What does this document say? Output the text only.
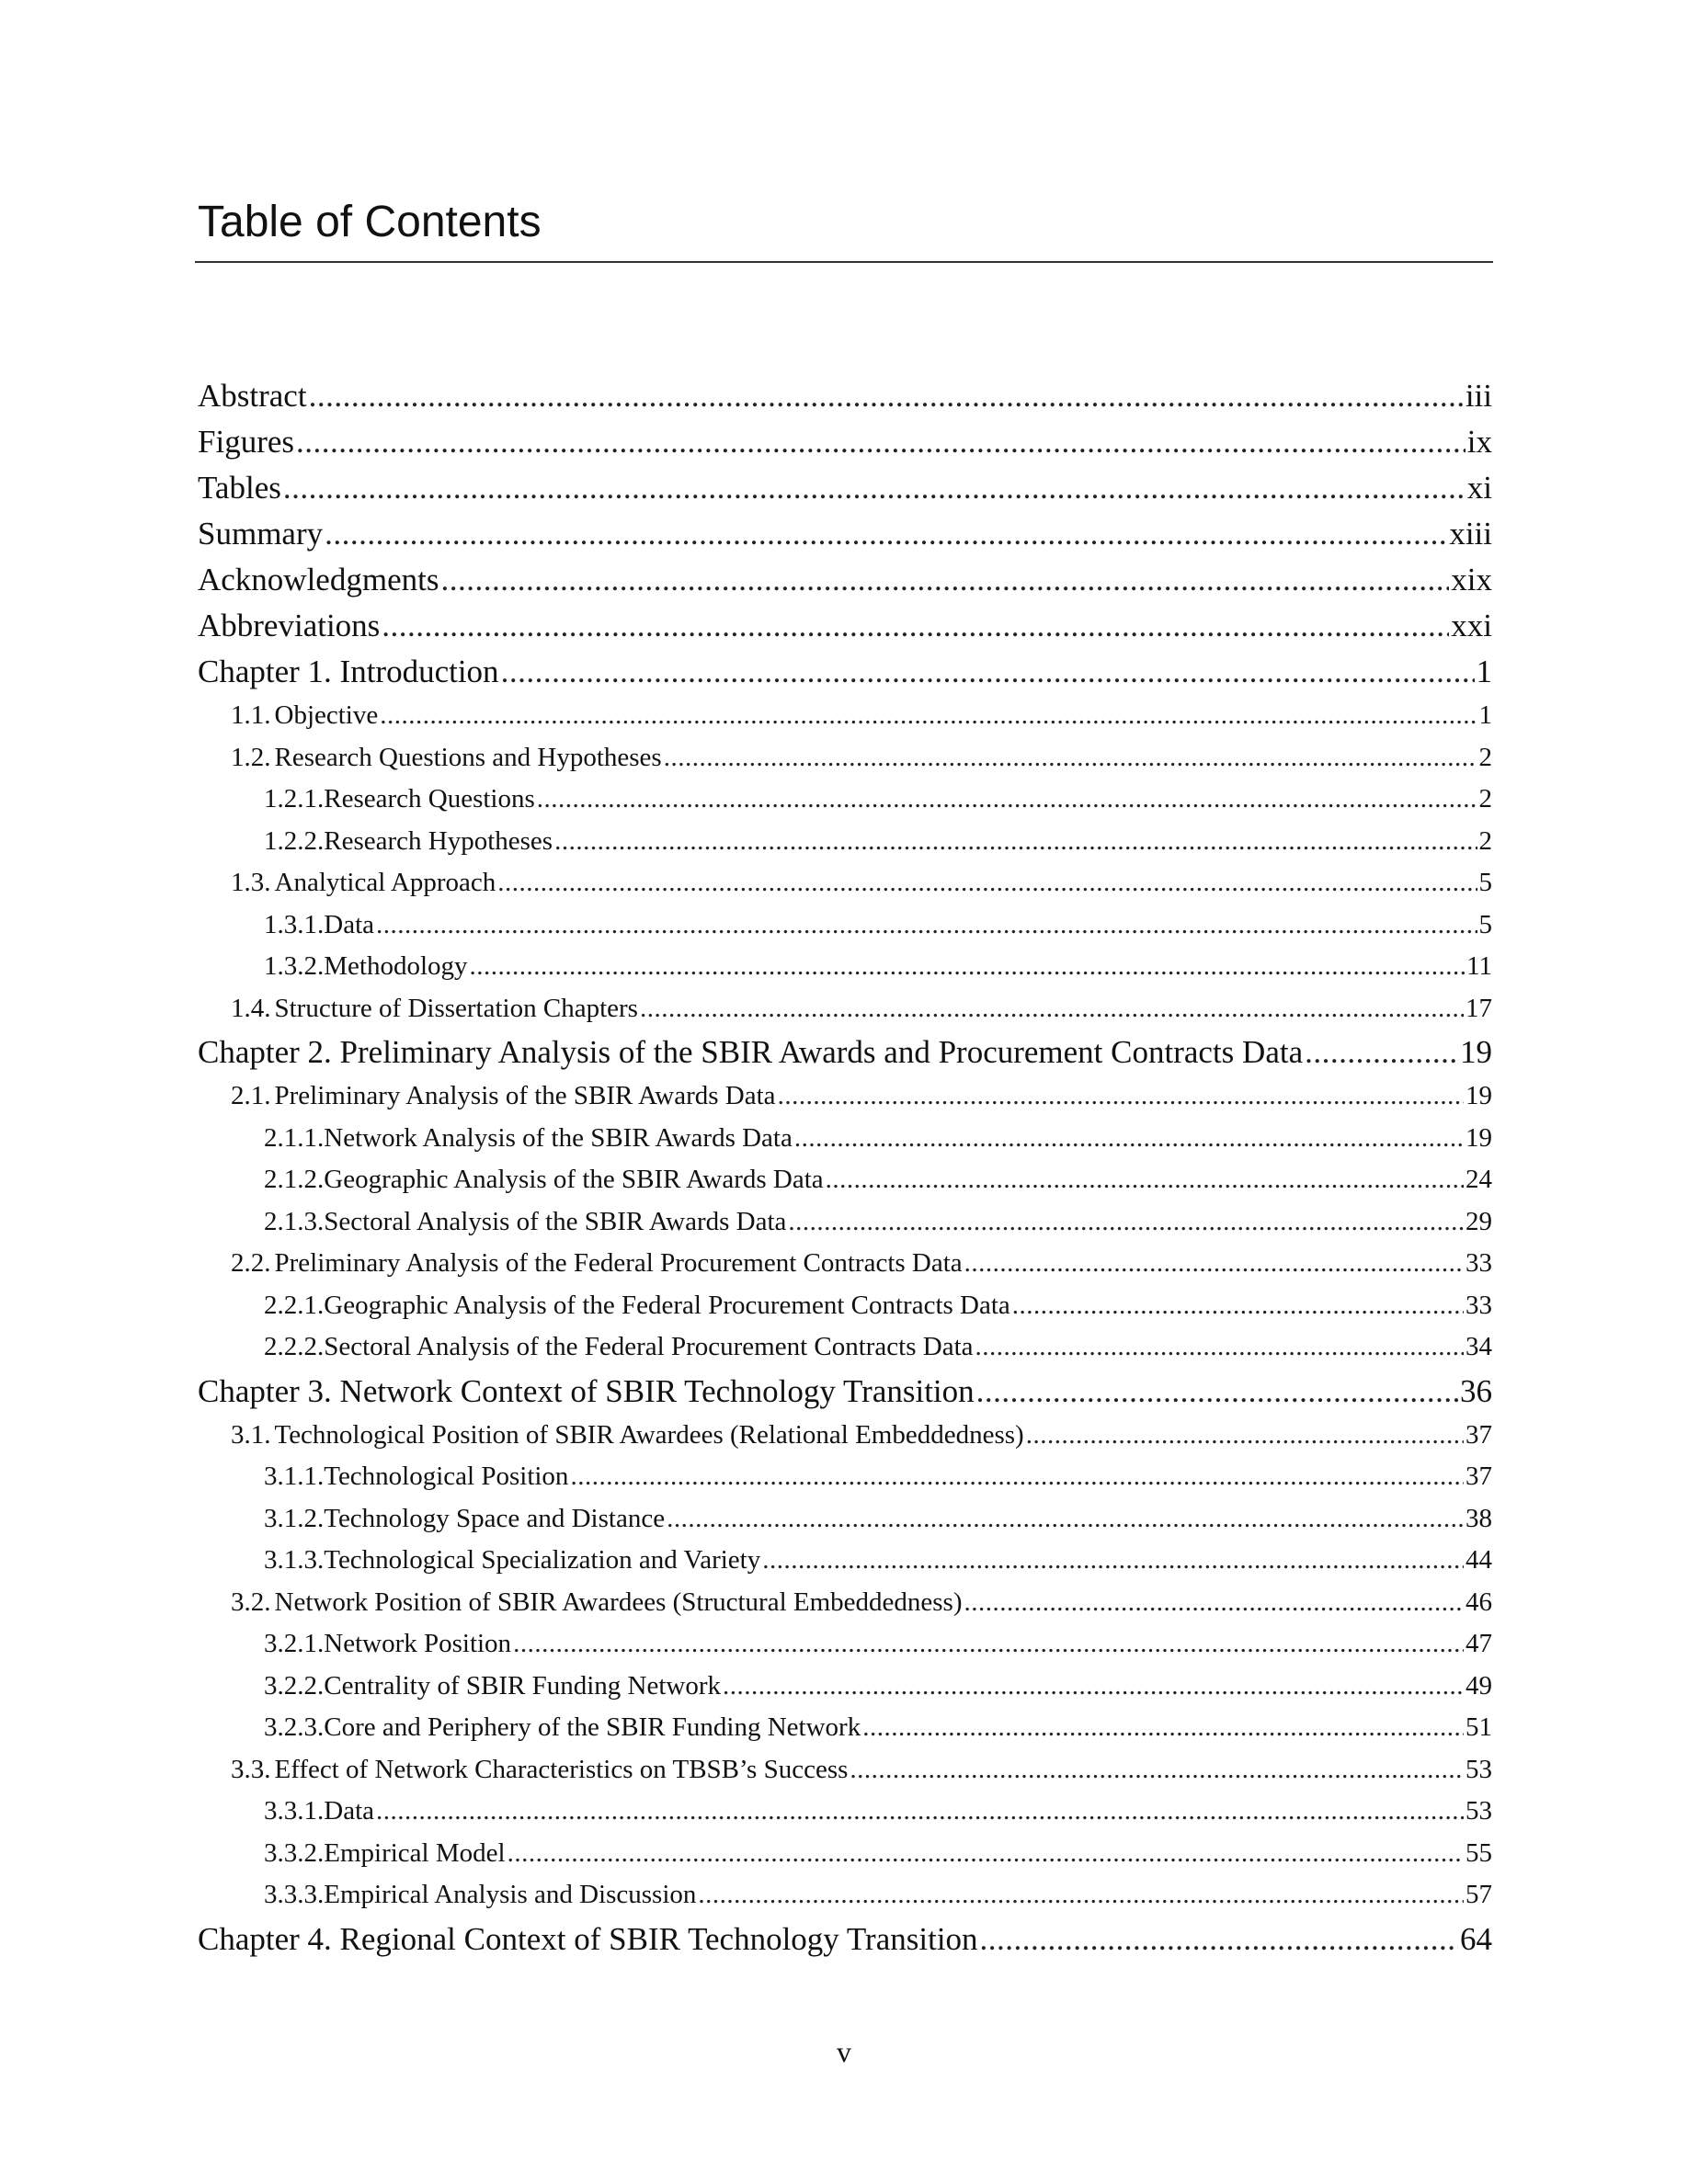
Table of Contents
Abstract .....	iii
Figures .....	ix
Tables .....	xi
Summary .....	xiii
Acknowledgments .....	xix
Abbreviations .....	xxi
Chapter 1. Introduction .....	1
1.1. Objective .....	1
1.2. Research Questions and Hypotheses .....	2
1.2.1. Research Questions .....	2
1.2.2. Research Hypotheses .....	2
1.3. Analytical Approach .....	5
1.3.1. Data .....	5
1.3.2. Methodology .....	11
1.4. Structure of Dissertation Chapters .....	17
Chapter 2. Preliminary Analysis of the SBIR Awards and Procurement Contracts Data .....	19
2.1. Preliminary Analysis of the SBIR Awards Data .....	19
2.1.1. Network Analysis of the SBIR Awards Data .....	19
2.1.2. Geographic Analysis of the SBIR Awards Data .....	24
2.1.3. Sectoral Analysis of the SBIR Awards Data .....	29
2.2. Preliminary Analysis of the Federal Procurement Contracts Data .....	33
2.2.1. Geographic Analysis of the Federal Procurement Contracts Data .....	33
2.2.2. Sectoral Analysis of the Federal Procurement Contracts Data .....	34
Chapter 3. Network Context of SBIR Technology Transition .....	36
3.1. Technological Position of SBIR Awardees (Relational Embeddedness) .....	37
3.1.1. Technological Position .....	37
3.1.2. Technology Space and Distance .....	38
3.1.3. Technological Specialization and Variety .....	44
3.2. Network Position of SBIR Awardees (Structural Embeddedness) .....	46
3.2.1. Network Position .....	47
3.2.2. Centrality of SBIR Funding Network .....	49
3.2.3. Core and Periphery of the SBIR Funding Network .....	51
3.3. Effect of Network Characteristics on TBSB’s Success .....	53
3.3.1. Data .....	53
3.3.2. Empirical Model .....	55
3.3.3. Empirical Analysis and Discussion .....	57
Chapter 4. Regional Context of SBIR Technology Transition .....	64
v
